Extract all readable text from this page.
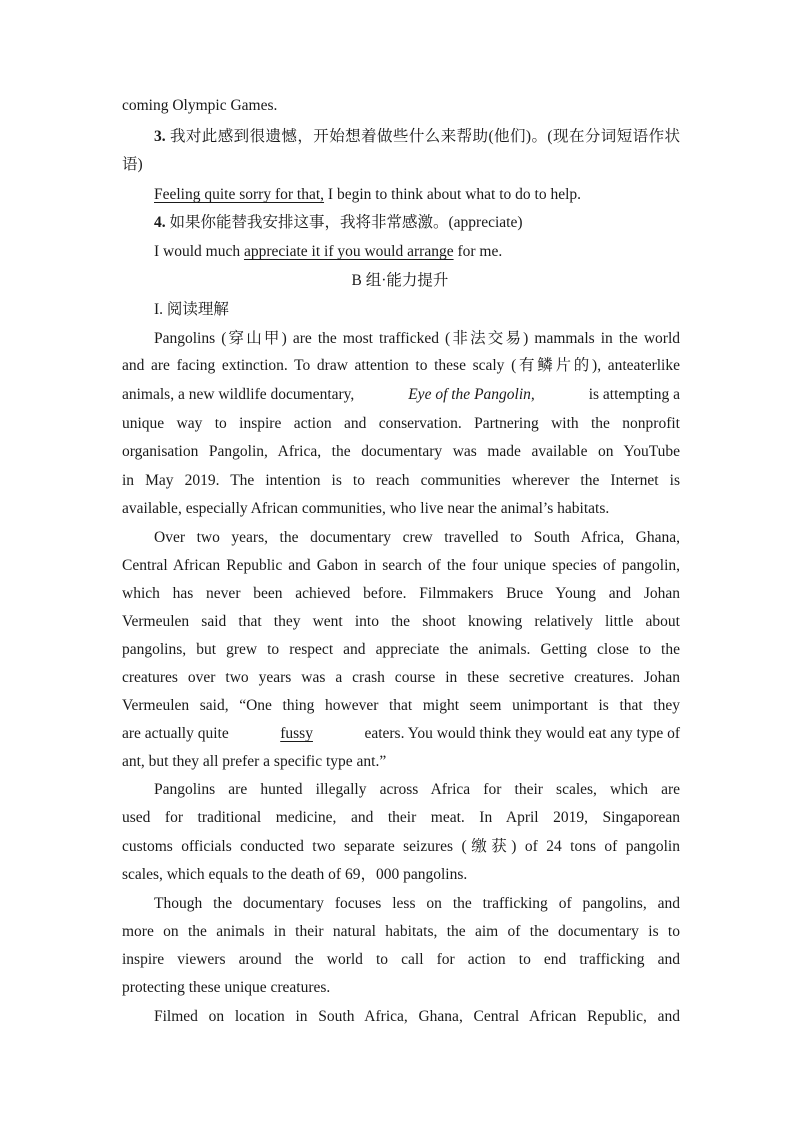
coming Olympic Games.
3. 我对此感到很遗憾，开始想着做些什么来帮助(他们)。(现在分词短语作状
语)
Feeling quite sorry for that, I begin to think about what to do to help.
4. 如果你能替我安排这事，我将非常感激。(appreciate)
I would much appreciate it if you would arrange for me.
B 组·能力提升
I. 阅读理解
Pangolins (穿山甲) are the most trafficked (非法交易) mammals in the world
and are facing extinction. To draw attention to these scaly (有鳞片的), anteaterlike
animals, a new wildlife documentary,	Eye of the Pangolin,	is attempting a
unique way to inspire action and conservation. Partnering with the nonprofit
organisation Pangolin, Africa, the documentary was made available on YouTube
in May 2019. The intention is to reach communities wherever the Internet is
available, especially African communities, who live near the animal’s habitats.
Over two years, the documentary crew travelled to South Africa, Ghana,
Central African Republic and Gabon in search of the four unique species of pangolin,
which has never been achieved before. Filmmakers Bruce Young and Johan
Vermeulen said that they went into the shoot knowing relatively little about
pangolins, but grew to respect and appreciate the animals. Getting close to the
creatures over two years was a crash course in these secretive creatures. Johan
Vermeulen said, “One thing however that might seem unimportant is that they
are actually quite	fussy	eaters. You would think they would eat any type of
ant, but they all prefer a specific type ant.”
Pangolins are hunted illegally across Africa for their scales, which are
used for traditional medicine, and their meat. In April 2019, Singaporean
customs officials conducted two separate seizures (缴获) of 24 tons of pangolin
scales, which equals to the death of 69，000 pangolins.
Though the documentary focuses less on the trafficking of pangolins, and
more on the animals in their natural habitats, the aim of the documentary is to
inspire viewers around the world to call for action to end trafficking and
protecting these unique creatures.
Filmed on location in South Africa, Ghana, Central African Republic, and
